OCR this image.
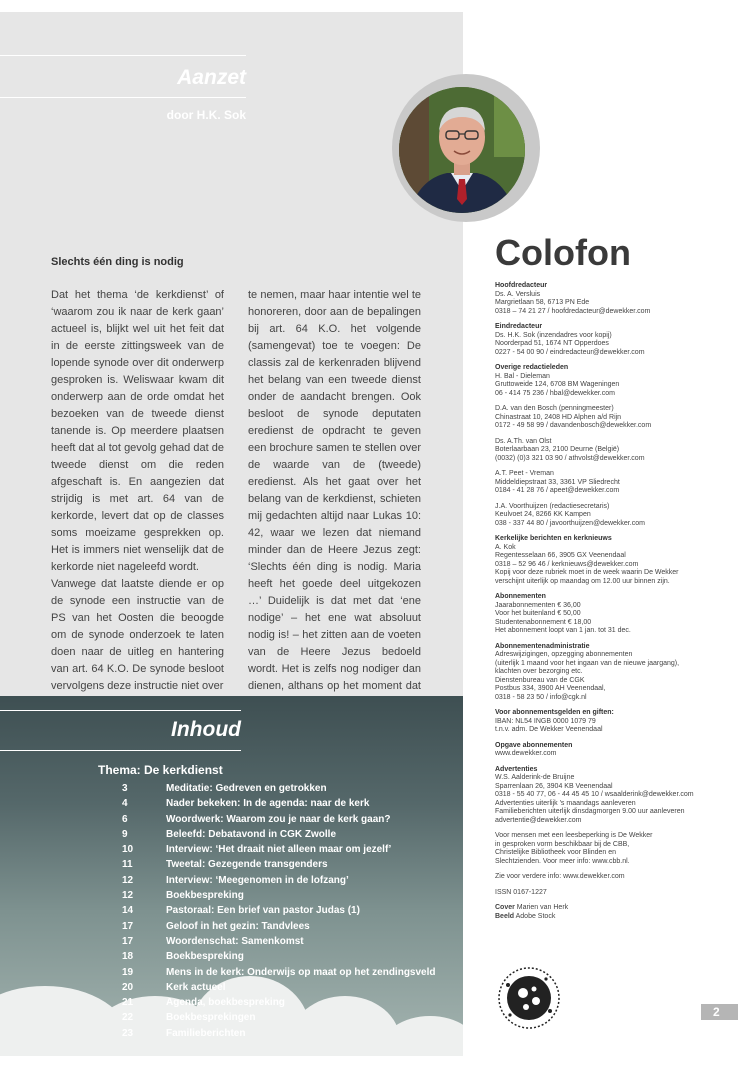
Aanzet
door H.K. Sok
Slechts één ding is nodig

Dat het thema ‘de kerkdienst’ of ‘waarom zou ik naar de kerk gaan’ actueel is, blijkt wel uit het feit dat in de eerste zittingsweek van de lopende synode over dit onderwerp gesproken is. Weliswaar kwam dit onderwerp aan de orde omdat het bezoeken van de tweede dienst tanende is. Op meerdere plaatsen heeft dat al tot gevolg gehad dat de tweede dienst om die reden afgeschaft is. En aangezien dat strijdig is met art. 64 van de kerkorde, levert dat op de classes soms moeizame gesprekken op. Het is immers niet wenselijk dat de kerkorde niet nageleefd wordt.

Vanwege dat laatste diende er op de synode een instructie van de PS van het Oosten die beoogde om de synode onderzoek te laten doen naar de uitleg en hantering van art. 64 K.O. De synode besloot vervolgens deze instructie niet over

te nemen, maar haar intentie wel te honoreren, door aan de bepalingen bij art. 64 K.O. het volgende (samengevat) toe te voegen: De classis zal de kerkenraden blijvend het belang van een tweede dienst onder de aandacht brengen. Ook besloot de synode deputaten eredienst de opdracht te geven een brochure samen te stellen over de waarde van de (tweede) eredienst. Als het gaat over het belang van de kerkdienst, schieten mij gedachten altijd naar Lukas 10: 42, waar we lezen dat niemand minder dan de Heere Jezus zegt: ‘Slechts één ding is nodig. Maria heeft het goede deel uitgekozen …’ Duidelijk is dat met dat ‘ene nodige’ – het ene wat absoluut nodig is! – het zitten aan de voeten van de Heere Jezus bedoeld wordt. Het is zelfs nog nodiger dan dienen, althans op het moment dat

Colofon
Hoofdredacteur
Ds. A. Versluis
Margrietlaan 58, 6713 PN Ede
0318 – 74 21 27 / hoofdredacteur@dewekker.com
Eindredacteur
Ds. H.K. Sok (inzendadres voor kopij)
Noorderpad 51, 1674 NT Opperdoes
0227 - 54 00 90 / eindredacteur@dewekker.com
Overige redactieleden
H. Bal - Dieleman
Gruttoweide 124, 6708 BM Wageningen
06 - 414 75 236 / hbal@dewekker.com
D.A. van den Bosch (penningmeester)
Chinastraat 10, 2408 HD Alphen a/d Rijn
0172 - 49 58 99 / davandenbosch@dewekker.com
Ds. A.Th. van Olst
Boterlaarbaan 23, 2100 Deurne (België)
(0032) (0)3 321 03 90 / athvolst@dewekker.com
A.T. Peet - Vreman
Middeldiepstraat 33, 3361 VP Sliedrecht
0184 - 41 28 76 / apeet@dewekker.com
J.A. Voorthuijzen (redactiesecretaris)
Keulvoet 24, 8266 KK Kampen
038 - 337 44 80 / javoorthuijzen@dewekker.com
Kerkelijke berichten en kerknieuws
A. Kok
Regentesselaan 66, 3905 GX Veenendaal
0318 – 52 96 46 / kerknieuws@dewekker.com
Kopij voor deze rubriek moet in de week waarin De Wekker
verschijnt uiterlijk op maandag om 12.00 uur binnen zijn.
Abonnementen
Jaarabonnementen € 36,00
Voor het buitenland € 50,00
Studentenabonnement € 18,00
Het abonnement loopt van 1 jan. tot 31 dec.
Abonnementenadministratie
Adreswijzigingen, opzegging abonnementen
(uiterlijk 1 maand voor het ingaan van de nieuwe jaargang),
klachten over bezorging etc.
Dienstenbureau van de CGK
Postbus 334, 3900 AH Veenendaal,
0318 - 58 23 50 / info@cgk.nl
Voor abonnementsgelden en giften:
IBAN: NL54 INGB 0000 1079 79
t.n.v. adm. De Wekker Veenendaal
Opgave abonnementen
www.dewekker.com
Advertenties
W.S. Aalderink-de Bruijne
Sparrenlaan 26, 3904 KB Veenendaal
0318 - 55 40 77, 06 - 44 45 45 10 / wsaalderink@dewekker.com
Advertenties uiterlijk 's maandags aanleveren
Familieberichten uiterlijk dinsdagmorgen 9.00 uur aanleveren
advertentie@dewekker.com
Voor mensen met een leesbeperking is De Wekker
in gesproken vorm beschikbaar bij de CBB,
Christelijke Bibliotheek voor Blinden en
Slechtzienden. Voor meer info: www.cbb.nl.
Zie voor verdere info: www.dewekker.com
ISSN 0167-1227
Cover Marien van Herk
Beeld Adobe Stock
Inhoud
Thema: De kerkdienst
3	Meditatie: Gedreven en getrokken
4	Nader bekeken: In de agenda: naar de kerk
6	Woordwerk: Waarom zou je naar de kerk gaan?
9	Beleefd: Debatavond in CGK Zwolle
10	Interview: ‘Het draait niet alleen maar om jezelf’
11	Tweetal: Gezegende transgenders
12	Interview: ‘Meegenomen in de lofzang’
12	Boekbespreking
14	Pastoraal: Een brief van pastor Judas (1)
17	Geloof in het gezin: Tandvlees
17	Woordenschat: Samenkomst
18	Boekbespreking
19	Mens in de kerk: Onderwijs op maat op het zendingsveld
20	Kerk actueel
21	Agenda, boekbespreking
22	Boekbesprekingen
23	Familieberichten
2
